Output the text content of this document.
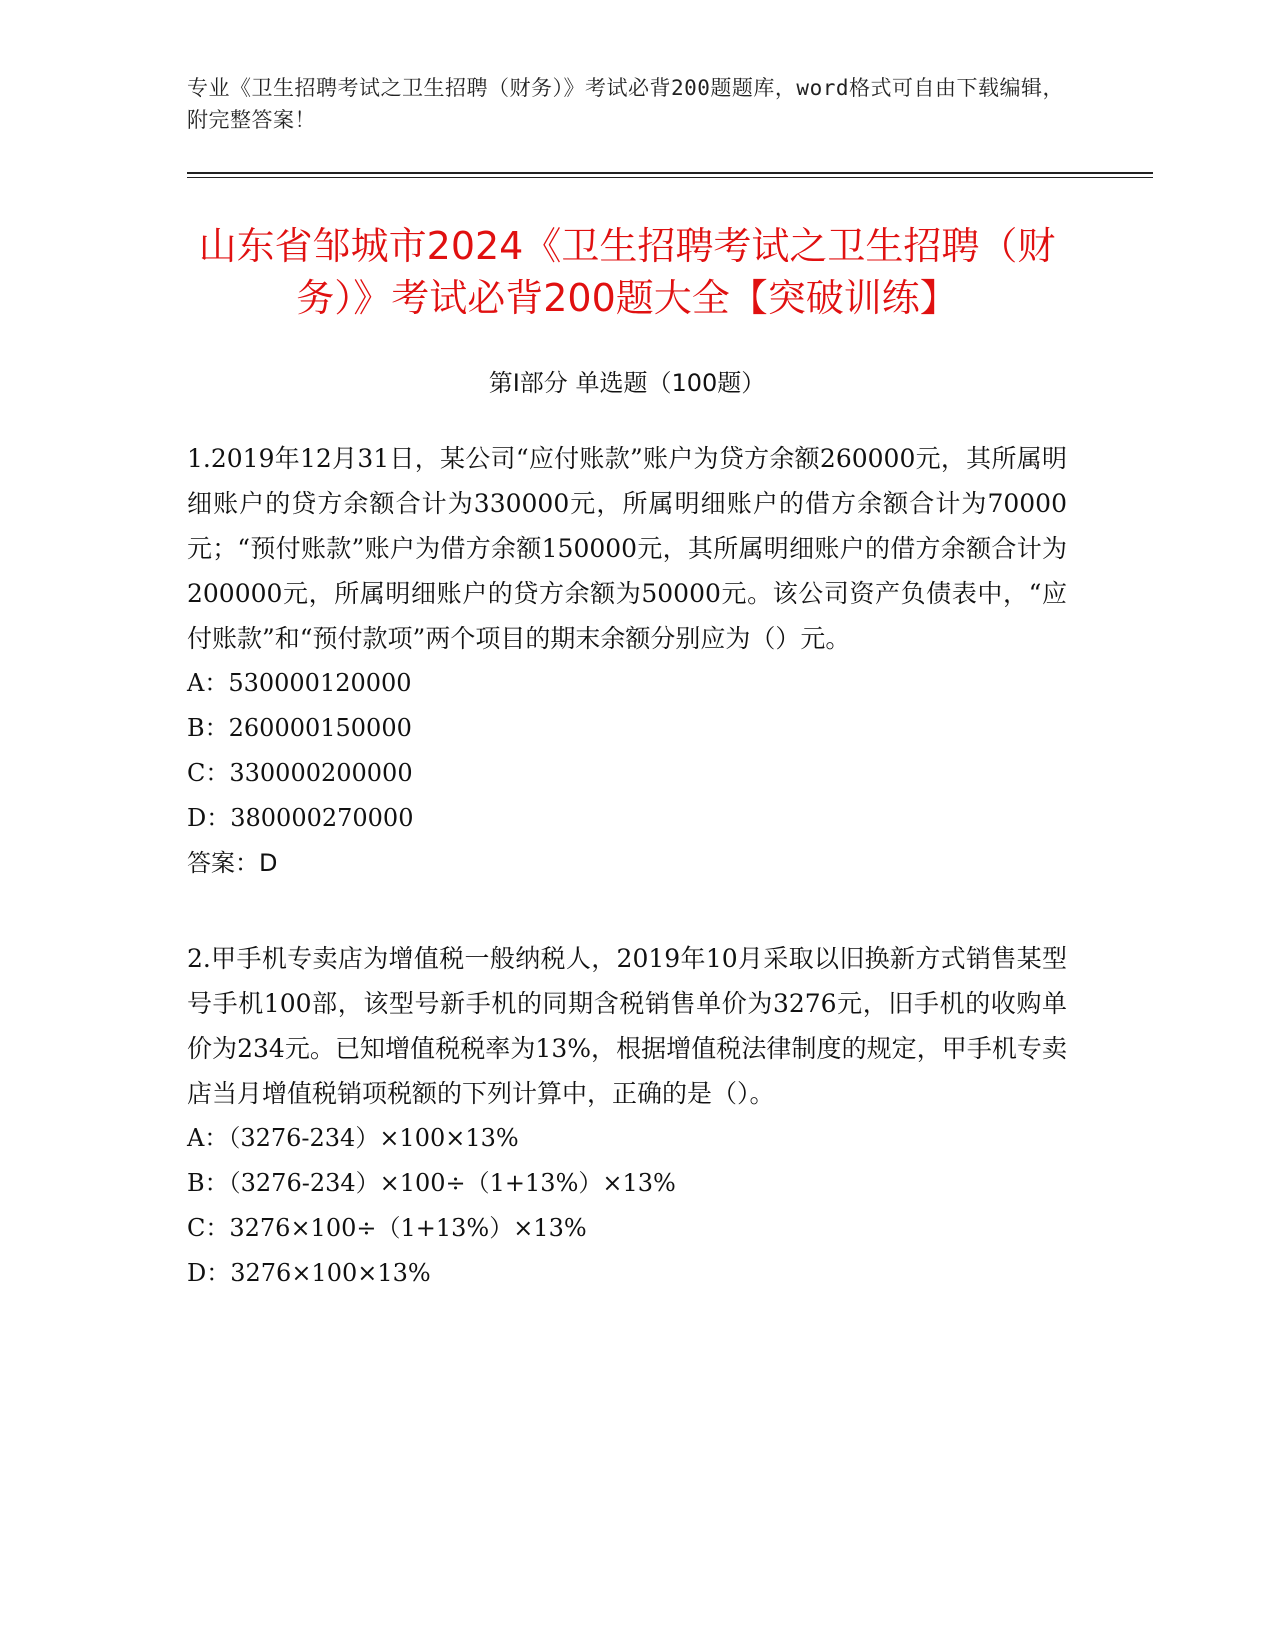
专业《卫生招聘考试之卫生招聘（财务）》考试必背200题题库，word格式可自由下载编辑，附完整答案！
山东省邹城市2024《卫生招聘考试之卫生招聘（财务）》考试必背200题大全【突破训练】
第Ⅰ部分 单选题（100题）
1.2019年12月31日，某公司“应付账款”账户为贷方余额260000元，其所属明细账户的贷方余额合计为330000元，所属明细账户的借方余额合计为70000元；“预付账款”账户为借方余额150000元，其所属明细账户的借方余额合计为200000元，所属明细账户的贷方余额为50000元。该公司资产负债表中，“应付账款”和“预付款项”两个项目的期末余额分别应为（）元。
A：530000120000
B：260000150000
C：330000200000
D：380000270000
答案：D
2.甲手机专卖店为增值税一般纳税人，2019年10月采取以旧换新方式销售某型号手机100部，该型号新手机的同期含税销售单价为3276元，旧手机的收购单价为234元。已知增值税税率为13%，根据增值税法律制度的规定，甲手机专卖店当月增值税销项税额的下列计算中，正确的是（）。
A：（3276-234）×100×13%
B：（3276-234）×100÷（1+13%）×13%
C：3276×100÷（1+13%）×13%
D：3276×100×13%
